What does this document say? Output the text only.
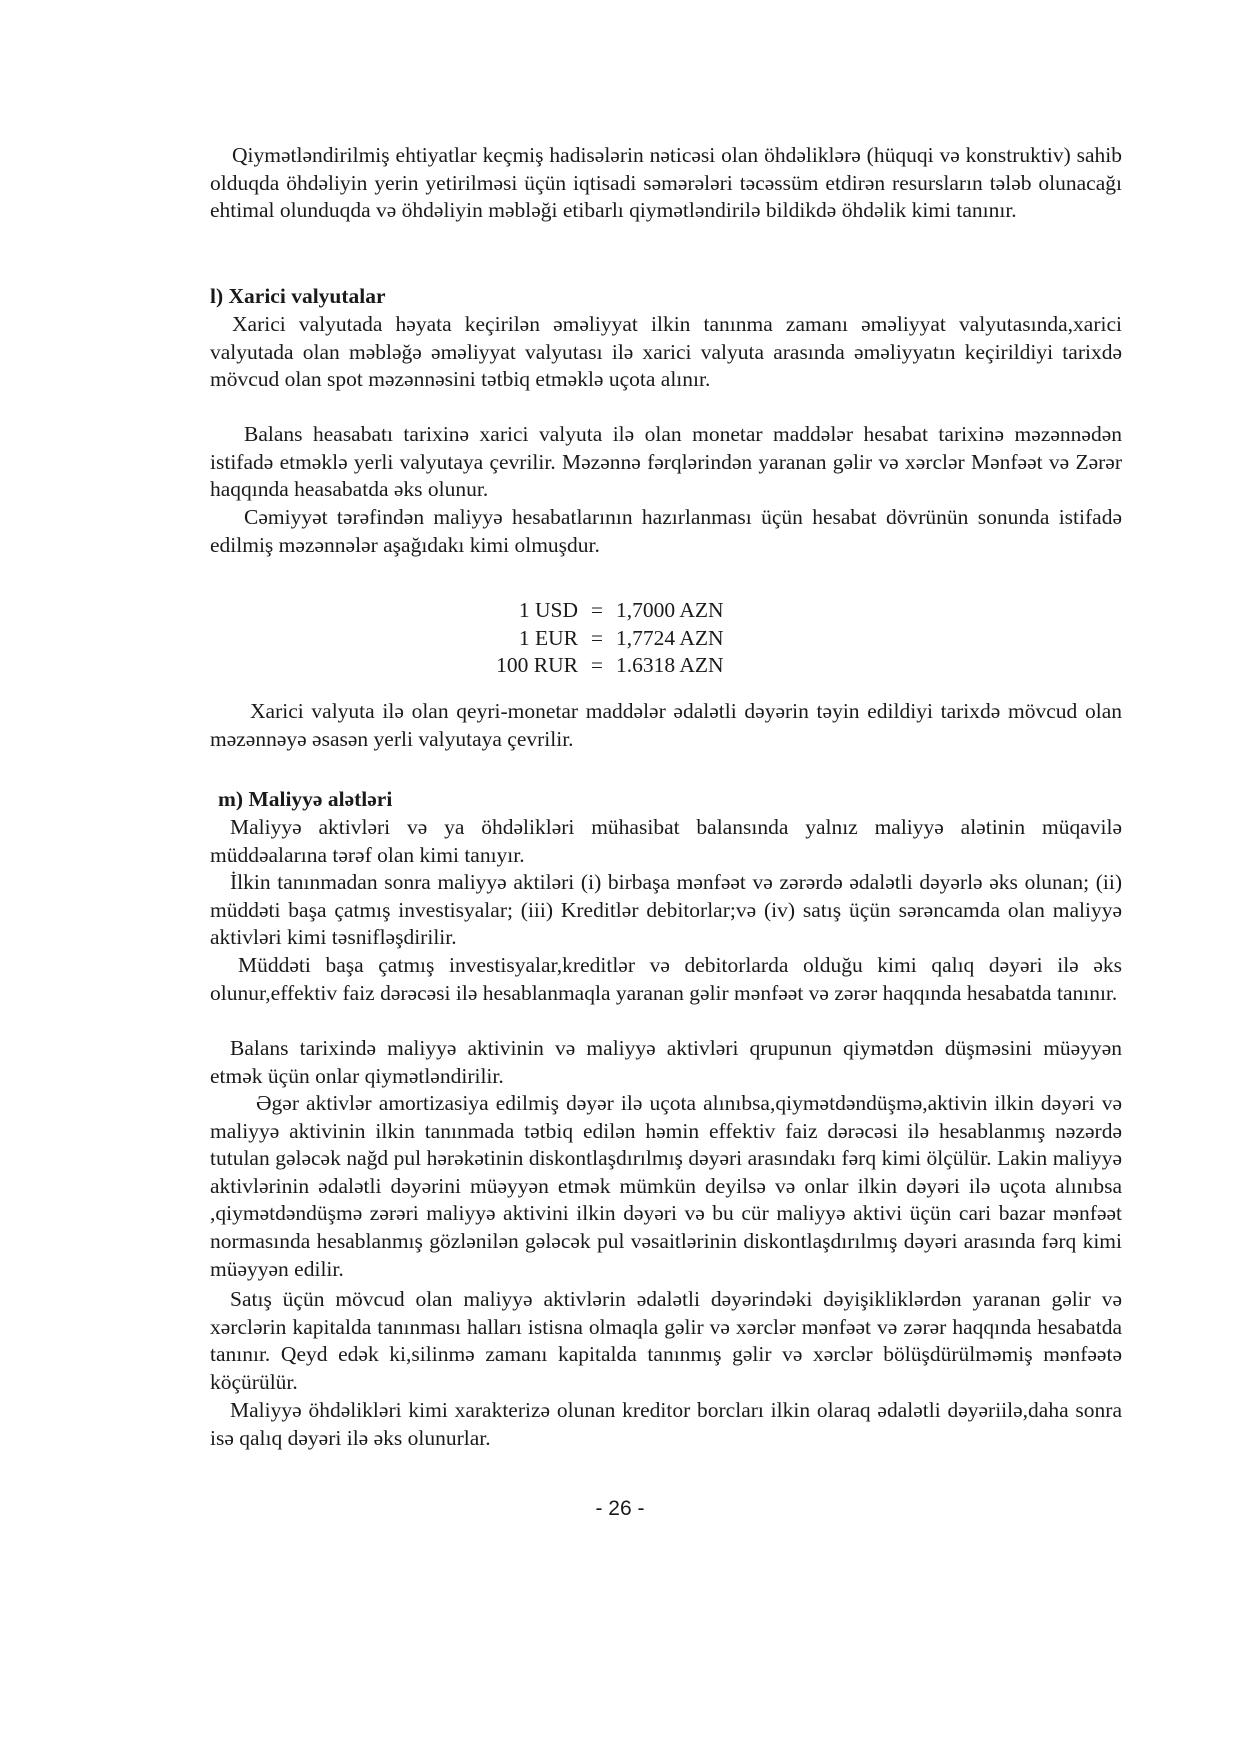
Qiymətləndirilmiş ehtiyatlar keçmiş hadisələrin nəticəsi olan öhdəliklərə (hüquqi və konstruktiv) sahib olduqda öhdəliyin yerin yetirilməsi üçün iqtisadi səmərələri təcəssüm etdirən resursların tələb olunacağı ehtimal olunduqda və öhdəliyin məbləği etibarlı qiymətləndirilə bildikdə öhdəlik kimi tanınır.

l) Xarici valyutalar

Xarici valyutada həyata keçirilən əməliyyat ilkin tanınma zamanı əməliyyat valyutasında,xarici valyutada olan məbləğə əməliyyat valyutası ilə xarici valyuta arasında əməliyyatın keçirildiyi tarixdə mövcud olan spot məzənnəsini tətbiq etməklə uçota alınır.

Balans heasabatı tarixinə xarici valyuta ilə olan monetar maddələr hesabat tarixinə məzənnədən istifadə etməklə yerli valyutaya çevrilir. Məzənnə fərqlərindən yaranan gəlir və xərclər Mənfəət və Zərər haqqında heasabatda əks olunur.

Cəmiyyət tərəfindən maliyyə hesabatlarının hazırlanması üçün hesabat dövrünün sonunda istifadə edilmiş məzənnələr aşağıdakı kimi olmuşdur.

1 USD = 1,7000 AZN
1 EUR = 1,7724 AZN
100 RUR = 1.6318 AZN

Xarici valyuta ilə olan qeyri-monetar maddələr ədalətli dəyərin təyin edildiyi tarixdə mövcud olan məzənnəyə əsasən yerli valyutaya çevrilir.

m) Maliyyə alətləri

Maliyyə aktivləri və ya öhdəlikləri mühasibat balansında yalnız maliyyə alətinin müqavilə müddəalarına tərəf olan kimi tanıyır.

İlkin tanınmadan sonra maliyyə aktiləri (i) birbaşa mənfəət və zərərdə ədalətli dəyərlə əks olunan; (ii) müddəti başa çatmış investisyalar; (iii) Kreditlər debitorlar;və (iv) satış üçün sərəncamda olan maliyyə aktivləri kimi təsnifləşdirilir.

Müddəti başa çatmış investisyalar,kreditlər və debitorlarda olduğu kimi qalıq dəyəri ilə əks olunur,effektiv faiz dərəcəsi ilə hesablanmaqla yaranan gəlir mənfəət və zərər haqqında hesabatda tanınır.

Balans tarixində maliyyə aktivinin və maliyyə aktivləri qrupunun qiymətdən düşməsini müəyyən etmək üçün onlar qiymətləndirilir.

Əgər aktivlər amortizasiya edilmiş dəyər ilə uçota alınıbsa,qiymətdəndüşmə,aktivin ilkin dəyəri və maliyyə aktivinin ilkin tanınmada tətbiq edilən həmin effektiv faiz dərəcəsi ilə hesablanmış nəzərdə tutulan gələcək nağd pul hərəkətinin diskontlaşdırılmış dəyəri arasındakı fərq kimi ölçülür. Lakin maliyyə aktivlərinin ədalətli dəyərini müəyyən etmək mümkün deyilsə və onlar ilkin dəyəri ilə uçota alınıbsa ,qiymətdəndüşmə zərəri maliyyə aktivini ilkin dəyəri və bu cür maliyyə aktivi üçün cari bazar mənfəət normasında hesablanmış gözlənilən gələcək pul vəsaitlərinin diskontlaşdırılmış dəyəri arasında fərq kimi müəyyən edilir.

Satış üçün mövcud olan maliyyə aktivlərin ədalətli dəyərindəki dəyişikliklərdən yaranan gəlir və xərclərin kapitalda tanınması halları istisna olmaqla gəlir və xərclər mənfəət və zərər haqqında hesabatda tanınır. Qeyd edək ki,silinmə zamanı kapitalda tanınmış gəlir və xərclər bölüşdürülməmiş mənfəətə köçürülür.

Maliyyə öhdəlikləri kimi xarakterizə olunan kreditor borcları ilkin olaraq ədalətli dəyəriilə,daha sonra isə qalıq dəyəri ilə əks olunurlar.

- 26 -
